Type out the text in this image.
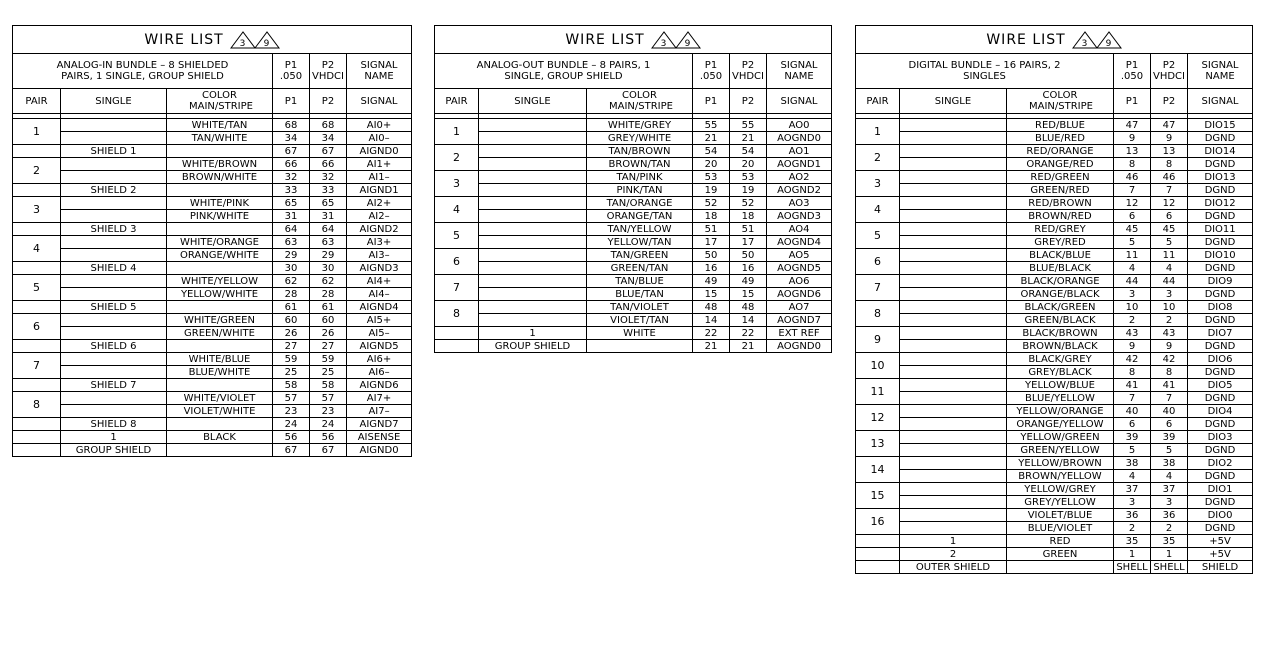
WIRE LIST 3 9					

ANALOG-IN BUNDLE – 8 SHIELDED PAIRS, 1 SINGLE, GROUP SHIELD			P1 .050	P2 VHDCI	SIGNAL NAME
PAIR	SINGLE	COLOR MAIN/STRIPE	P1	P2	SIGNAL

1		WHITE/TAN	68	68	AI0+
		TAN/WHITE	34	34	AI0–
	SHIELD 1		67	67	AIGND0
2		WHITE/BROWN	66	66	AI1+
		BROWN/WHITE	32	32	AI1–
	SHIELD 2		33	33	AIGND1
3		WHITE/PINK	65	65	AI2+
		PINK/WHITE	31	31	AI2–
	SHIELD 3		64	64	AIGND2
4		WHITE/ORANGE	63	63	AI3+
		ORANGE/WHITE	29	29	AI3–
	SHIELD 4		30	30	AIGND3
5		WHITE/YELLOW	62	62	AI4+
		YELLOW/WHITE	28	28	AI4–
	SHIELD 5		61	61	AIGND4
6		WHITE/GREEN	60	60	AI5+
		GREEN/WHITE	26	26	AI5–
	SHIELD 6		27	27	AIGND5
7		WHITE/BLUE	59	59	AI6+
		BLUE/WHITE	25	25	AI6–
	SHIELD 7		58	58	AIGND6
8		WHITE/VIOLET	57	57	AI7+
		VIOLET/WHITE	23	23	AI7–
	SHIELD 8		24	24	AIGND7
	1	BLACK	56	56	AISENSE
	GROUP SHIELD		67	67	AIGND0
WIRE LIST 3 9					

ANALOG-OUT BUNDLE – 8 PAIRS, 1 SINGLE, GROUP SHIELD			P1 .050	P2 VHDCI	SIGNAL NAME
PAIR	SINGLE	COLOR MAIN/STRIPE	P1	P2	SIGNAL

1		WHITE/GREY	55	55	AO0
		GREY/WHITE	21	21	AOGND0
2		TAN/BROWN	54	54	AO1
		BROWN/TAN	20	20	AOGND1
3		TAN/PINK	53	53	AO2
		PINK/TAN	19	19	AOGND2
4		TAN/ORANGE	52	52	AO3
		ORANGE/TAN	18	18	AOGND3
5		TAN/YELLOW	51	51	AO4
		YELLOW/TAN	17	17	AOGND4
6		TAN/GREEN	50	50	AO5
		GREEN/TAN	16	16	AOGND5
7		TAN/BLUE	49	49	AO6
		BLUE/TAN	15	15	AOGND6
8		TAN/VIOLET	48	48	AO7
		VIOLET/TAN	14	14	AOGND7
	1	WHITE	22	22	EXT REF
	GROUP SHIELD		21	21	AOGND0
WIRE LIST 3 9					

DIGITAL BUNDLE – 16 PAIRS, 2 SINGLES			P1 .050	P2 VHDCI	SIGNAL NAME
PAIR	SINGLE	COLOR MAIN/STRIPE	P1	P2	SIGNAL

1		RED/BLUE	47	47	DIO15
		BLUE/RED	9	9	DGND
2		RED/ORANGE	13	13	DIO14
		ORANGE/RED	8	8	DGND
3		RED/GREEN	46	46	DIO13
		GREEN/RED	7	7	DGND
4		RED/BROWN	12	12	DIO12
		BROWN/RED	6	6	DGND
5		RED/GREY	45	45	DIO11
		GREY/RED	5	5	DGND
6		BLACK/BLUE	11	11	DIO10
		BLUE/BLACK	4	4	DGND
7		BLACK/ORANGE	44	44	DIO9
		ORANGE/BLACK	3	3	DGND
8		BLACK/GREEN	10	10	DIO8
		GREEN/BLACK	2	2	DGND
9		BLACK/BROWN	43	43	DIO7
		BROWN/BLACK	9	9	DGND
10		BLACK/GREY	42	42	DIO6
		GREY/BLACK	8	8	DGND
11		YELLOW/BLUE	41	41	DIO5
		BLUE/YELLOW	7	7	DGND
12		YELLOW/ORANGE	40	40	DIO4
		ORANGE/YELLOW	6	6	DGND
13		YELLOW/GREEN	39	39	DIO3
		GREEN/YELLOW	5	5	DGND
14		YELLOW/BROWN	38	38	DIO2
		BROWN/YELLOW	4	4	DGND
15		YELLOW/GREY	37	37	DIO1
		GREY/YELLOW	3	3	DGND
16		VIOLET/BLUE	36	36	DIO0
		BLUE/VIOLET	2	2	DGND
	1	RED	35	35	+5V
	2	GREEN	1	1	+5V
	OUTER SHIELD		SHELL	SHELL	SHIELD
